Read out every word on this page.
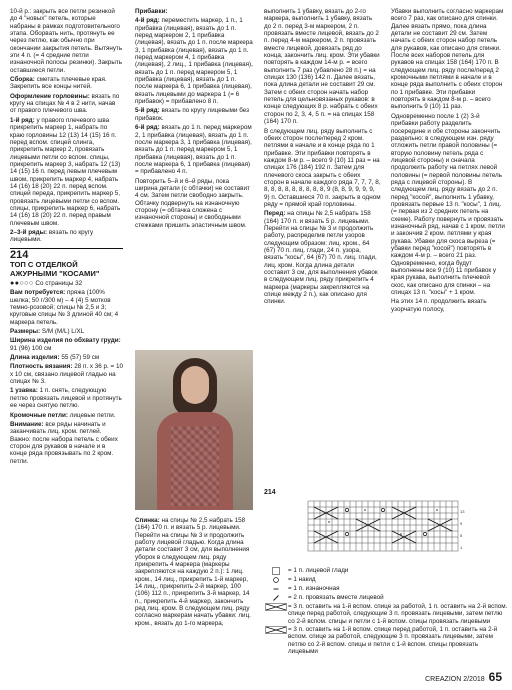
10-й р.: закрыть все петли резинкой до 4 "новых" петель, которые набраны в рамках подготовительного этапа. Оборвать нить, протянуть ее через петлю, как обычно при окончании закрытия петель. Вытянуть эти 4 п. (= 4 средние петли изнаночной полосы резинки). Закрыть оставшиеся петли.

Сборка: сметать плечевые края. Закрепить все концы нитей.

Оформление горловины: вязать по кругу на спицах № 4 в 2 нити, начав от правого плечевого шва.

1-й ряд: у правого плечевого шва прикрепить маркер 1, набрать по краю горловины 12 (13) 14 (15) 16 п. перед вспом. спицей слинга, прикрепить маркер 2, провязать лицевыми петли со вспом. спицы, прикрепить маркер 3, набрать 12 (13) 14 (15) 16 п. перед левым плечевым швом, прикрепить маркер 4, набрать 14 (16) 18 (20) 22 п. перед вспом. спицей переда, прикрепить маркер 5, провязать лицевыми петли со вспом. спицы, прикрепить маркер 6, набрать 14 (16) 18 (20) 22 п. перед правым плечевым швом.

2–3-й ряды: вязать по кругу лицевыми.

214
ТОП С ОТДЕЛКОЙ АЖУРНЫМИ "КОСАМИ"

●●○○○ Со страницы 32

Вам потребуется: пряжа (100% шелка; 50 г/300 м) – 4 (4) 5 мотков темно-розовой; спицы № 2,5 и 3; круговые спицы № 3 длиной 40 см; 4 маркера петель.

Размеры: S/M (M/L) L/XL

Ширина изделия по обхвату груди: 91 (96) 100 см

Длина изделия: 55 (57) 59 см

Плотность вязания: 28 п. x 36 р. = 10 x 10 см, связано лицевой гладью на спицах № 3.

1 узавка: 1 п. снять, следующую петлю провязать лицевой и протянуть ее через снятую петлю.

Кромочные петли: лицевые петли.

Внимание: все ряды начинать и заканчивать лиц. кром. петлей. Важно: после набора петель с обеих сторон для рукавов в начале и в конце ряда провязывать по 2 кром. петли.

Прибавки:

4-й ряд: переместить маркер, 1 п., 1 прибавка (лицевая), вязать до 1 п. перед маркером 2, 1 прибавка (лицевая), вязать до 1 п. после маркера 3, 1 прибавка (лицевая), вязать до 1 п. перед маркером 4, 1 прибавка (лицевая), 2 лиц., 1 прибавка (лицевая), вязать до 1 п. перед маркером 5, 1 прибавка (лицевая), вязать до 1 п. после маркера 6, 1 прибавка (лицевая), вязать лицевыми до маркера 1 (= 6 прибавок) = прибавлено 8 п.

5-й ряд: вязать по кругу лицевыми без прибавок.

6-й ряд: вязать до 1 п. перед маркером 2, 1 прибавка (лицевая), вязать до 1 п. после маркера 3, 1 прибавка (лицевая), вязать до 1 п. перед маркером 5, 1 прибавка (лицевая), вязать до 1 п. после маркера 6, 1 прибавка (лицевая) = прибавлено 4 п.

Повторить 5–й и 6–й ряды, пока ширина детали (с обтачки) не составит 4 см. Затем петли свободно закрыть. Обтачку подвернуть на изнаночную сторону (= обтачка сложена с изнаночной стороны) и свободными стежками пришить эластичным швом.

Спинка: на спицы № 2,5 набрать 158 (164) 170 п. и вязать 5 р. лицевыми. Перейти на спицы № 3 и продолжить работу лицевой гладью. Когда длина детали составит 3 см, для выполнения уборок в следующем лиц. ряду прикрепить 4 маркера (маркеры закрепляются на каждую 2 п.): 1 лиц. кром., 14 лиц., прикрепить 1-й маркер, 14 лиц., прикрепить 2-й маркер, 100 (106) 112 п., прикрепить 3-й маркер, 14 п., прикрепить 4-й маркер, закончить ряд лиц. кром. В следующем лиц. ряду согласно маркерам начать убавки: лиц. кром., вязать до 1-го маркера,

выполнить 1 убавку, вязать до 2-го маркера, выполнить 1 убавку, вязать до 2 п. перед 3-м маркером, 2 п. провязать вместе лицевой, вязать до 2 п. перед 4-м маркером, 2 п. провязать вместе лицевой, довязать ряд до конца, закончить лиц. кром. Эти убавки повторять в каждом 14-м р. = всего выполнить 7 раз (убавлено 28 п.) = на спицах 130 (136) 142 п. Далее вязать, пока длина детали не составит 29 см. Затем с обеих сторон начать набор петель для цельновязаных рукавов: в конце следующих 8 р. набрать с обеих сторон по 2, 3, 4, 5 п. = на спицах 158 (164) 170 п.

В следующем лиц. ряду выполнить с обеих сторон после/перед 2 кром. петлями в начале и в конце ряда по 1 прибавке. Эти прибавки повторять в каждом 8-м р. – всего 9 (10) 11 раз = на спицах 176 (184) 192 п. Затем для плечевого скоса закрыть с обеих сторон в начале каждого ряда 7, 7, 7, 8, 8, 8, 8, 8, 8, 8, 8, 8, 8, 9 (8, 8, 9, 9, 9, 9, 9) п. Оставшиеся 70 п. закрыть в одном ряду = прямой край горловины.

Перед: на спицы № 2,5 набрать 158 (164) 170 п. и вязать 5 р. лицевыми. Перейти на спицы № 3 и продолжить работу, распределив петли узоров следующим образом: лиц. кром., 64 (67) 70 п. лиц. глади, 24 п. узора, вязать "косы", 64 (67) 70 п. лиц. глади, лиц. кром. Когда длина детали составит 3 см, для выполнения убавок в следующем лиц. ряду прикрепить 4 маркера (маркеры закрепляются на спице между 2 п.), как описано для спинки.

214
1
5
9
13
= 1 п. лицевой глади
= 1 накид
= 1 п. изнаночная
= 2 п. провязать вместе лицевой
= 3 п. оставить на 1-й вспом. спице за работой, 1 п. оставить на 2-й вспом. спице перед работой, следующие 3 п. провязать лицевыми, затем петлю со 2-й вспом. спицы и петли с 1-й вспом. спицы провязать лицевыми
= 3 п. оставить на 1-й вспом. спице перед работой, 1 п. оставить на 2-й вспом. спице за работой, следующие 3 п. провязать лицевыми, затем петлю со 2-й вспом. спицы и петли с 1-й вспом. спицы провязать лицевыми

Убавки выполнить согласно маркерам всего 7 раз, как описано для спинки. Далее вязать прямо, пока длина детали не составит 29 см. Затем начать с обеих сторон набор петель для рукавов, как описано для спинки. После всех наборов петель для рукавов на спицах 158 (164) 170 п. В следующем лиц. ряду после/перед 2 кромочными петлями в начале и в конце ряда выполнить с обеих сторон по 1 прибавке. Эти прибавки повторять в каждом 8-м р. – всего выполнить 9 (10) 11 раз.

Одновременно после 1 (2) 3-й прибавки работу разделить посередине и обе стороны закончить раздельно: в следующем изн. ряду отложить петли правой половины (= вторую половину петель ряда с лицевой стороны) и сначала продолжить работу на петлях левой половины (= первой половины петель ряда с лицевой стороны). В следующем лиц. ряду вязать до 2 п. перед "косой", выполнить 1 убавку, провязать первые 13 п. "косы", 1 лиц. (= первая из 2 средних петель на схеме). Работу повернуть и провязать изнаночный ряд, начав с 1 кром. петли и закончив 2 кром. петлями у края рукава. Убавки для скоса выреза (= убавки перед "косой") повторять в каждом 4-м р. – всего 21 раз. Одновременно, когда будут выполнены все 9 (10) 11 прибавок у края рукава, выполнить плечевой скос, как описано для спинки – на спицах 13 п. "косы" + 1 кром.

На этих 14 п. продолжить вязать узорчатую полосу,

CREAZION 2/2018 65
